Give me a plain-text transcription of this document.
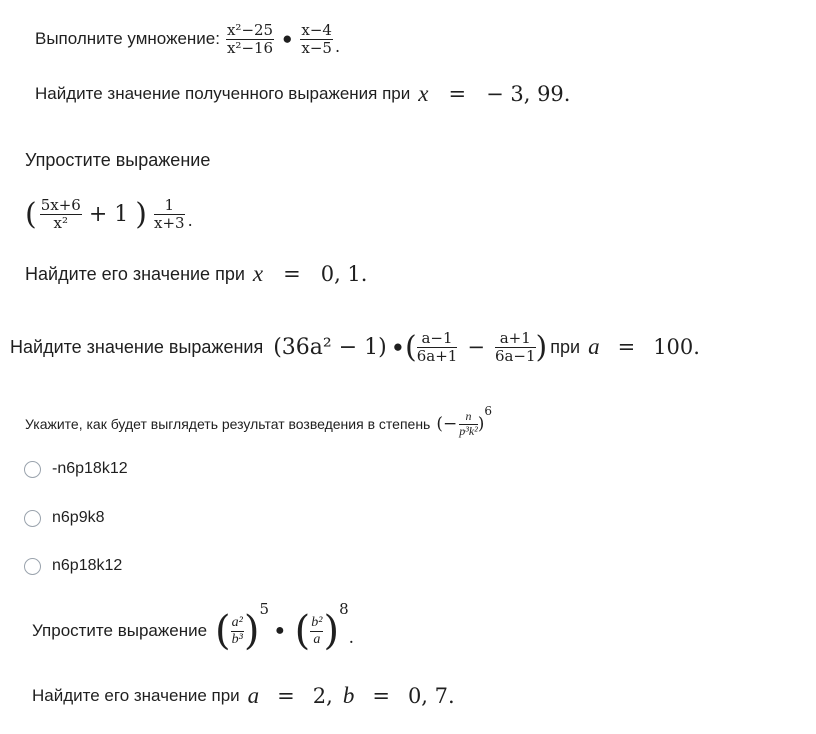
Выполните умножение: $\frac{\text{x²−25}}{\text{x²−16}}$ ● $\frac{x-4}{x-5}$ .
Найдите значение полученного выражения при x = − 3, 99.
Упростите выражение
( $\frac{5x+6}{\text{x²}} + 1$ ) $\frac{1}{x+3}$ .
Найдите его значение при x = 0, 1.
Найдите значение выражения (36a² − 1) ● ( $\frac{a-1}{6a+1} - \frac{a+1}{6a-1}$ ) при a = 100.
Укажите, как будет выглядеть результат возведения в степень (− $\frac{n}{\text{p³k²}}$ )
6
-n6p18k12
n6p9k8
n6p18k12
Упростите выражение ( $\frac{\text{a²}}{\text{b³}}$ ) 5
● ( $\frac{\text{b²}}{a}$ ) 8
.
Найдите его значение при a = 2, b = 0, 7.
